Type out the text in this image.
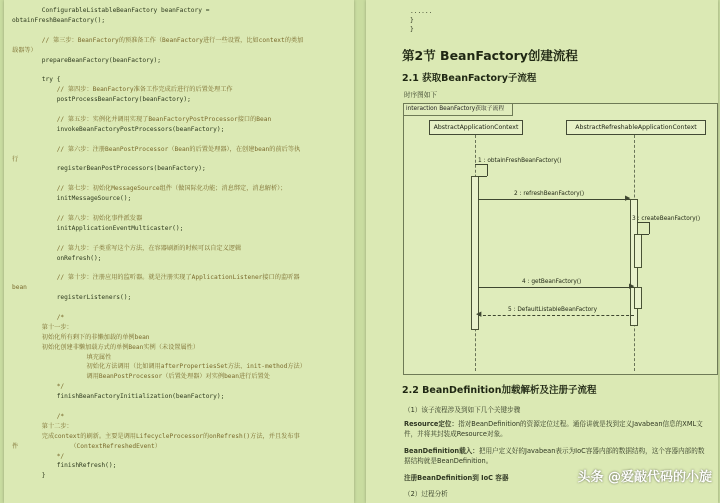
ConfigurableListableBeanFactory beanFactory =
obtainFreshBeanFactory();
// 第三步：BeanFactory的预准备工作（BeanFactory进行一些设置，比如context的类加
载器等）
prepareBeanFactory(beanFactory);
try {
// 第四步：BeanFactory准备工作完成后进行的后置处理工作
postProcessBeanFactory(beanFactory);
// 第五步：实例化并调用实现了BeanFactoryPostProcessor接口的Bean
invokeBeanFactoryPostProcessors(beanFactory);
// 第六步：注册BeanPostProcessor（Bean的后置处理器），在创建bean的前后等执
行
registerBeanPostProcessors(beanFactory);
// 第七步：初始化MessageSource组件（做国际化功能；消息绑定，消息解析）；
initMessageSource();
// 第八步：初始化事件派发器
initApplicationEventMulticaster();
// 第九步：子类重写这个方法，在容器刷新的时候可以自定义逻辑
onRefresh();
// 第十步：注册应用的监听器。就是注册实现了ApplicationListener接口的监听器
bean
registerListeners();
/*
第十一步：
初始化所有剩下的非懒加载的单例bean
初始化创建非懒加载方式的单例Bean实例（未设置属性）
填充属性
初始化方法调用（比如调用afterPropertiesSet方法、init-method方法）
调用BeanPostProcessor（后置处理器）对实例bean进行后置处
*/
finishBeanFactoryInitialization(beanFactory);
/*
第十二步：
完成context的刷新。主要是调用LifecycleProcessor的onRefresh()方法，并且发布事
件              （ContextRefreshedEvent）
*/
finishRefresh();
}
......
}
}
第2节 BeanFactory创建流程
2.1 获取BeanFactory子流程
时序图如下
interaction BeanFactory获取子流程
AbstractApplicationContext	AbstractRefreshableApplicationContext
1 : obtainFreshBeanFactory()
▶
2 : refreshBeanFactory()
3 : createBeanFactory()
▶
4 : getBeanFactory()
◀	5 : DefaultListableBeanFactory
2.2 BeanDefinition加载解析及注册子流程
（1）该子流程涉及到如下几个关键步骤
Resource定位：指对BeanDefinition的资源定位过程。通俗讲就是找到定义Javabean信息的XML文
件，并将其封装成Resource对象。
BeanDefinition载入：把用户定义好的Javabean表示为IoC容器内部的数据结构，这个容器内部的数
据结构就是BeanDefinition。
注册BeanDefinition到 IoC 容器
（2）过程分析
头条 @爱敲代码的小旋
